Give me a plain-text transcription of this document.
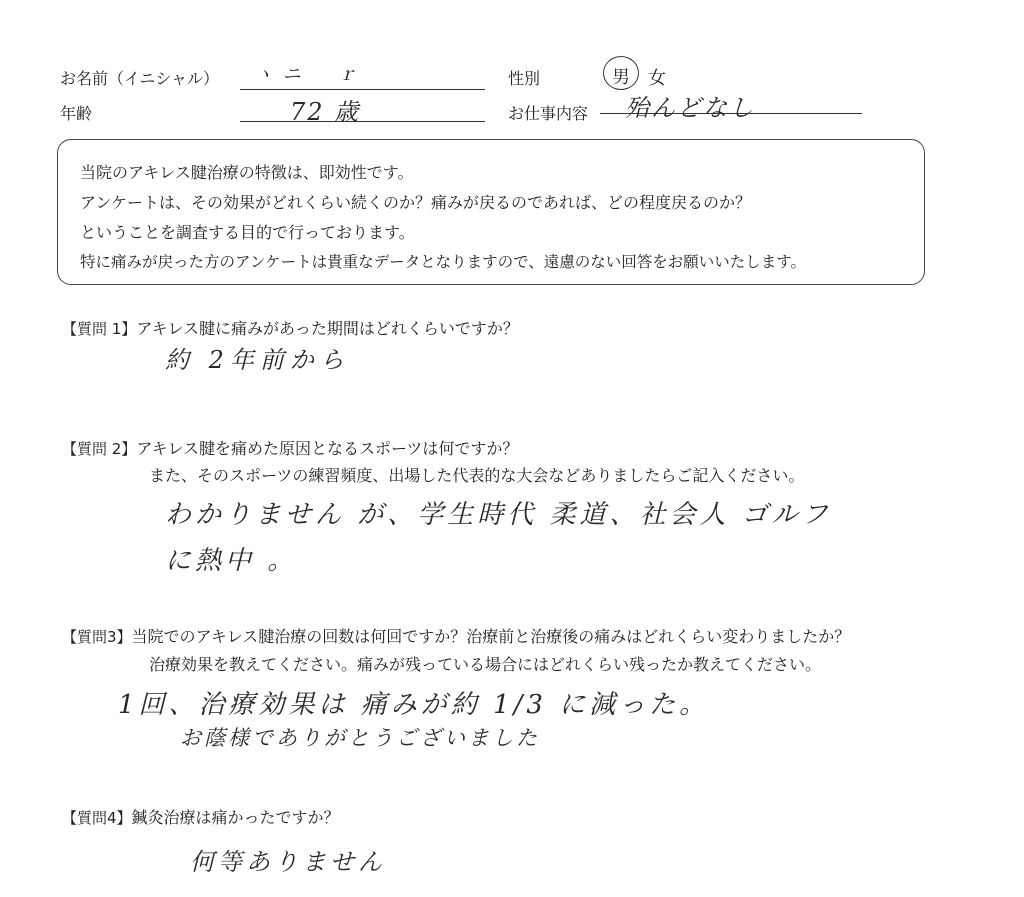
お名前（イニシャル） ヽ ニ 　 ｒ	性別	男 女
年齢	72 歳	お仕事内容 殆んどなし

当院のアキレス腱治療の特徴は、即効性です。

アンケートは、その効果がどれくらい続くのか？痛みが戻るのであれば、どの程度戻るのか？

ということを調査する目的で行っております。

特に痛みが戻った方のアンケートは貴重なデータとなりますので、遠慮のない回答をお願いいたします。

【質問 1】アキレス腱に痛みがあった期間はどれくらいですか？
約 2年前から
【質問 2】アキレス腱を痛めた原因となるスポーツは何ですか？
また、そのスポーツの練習頻度、出場した代表的な大会などありましたらご記入ください。
わかりません が、学生時代 柔道、社会人 ゴルフ
に熱中 。
【質問3】当院でのアキレス腱治療の回数は何回ですか？治療前と治療後の痛みはどれくらい変わりましたか？
治療効果を教えてください。痛みが残っている場合にはどれくらい残ったか教えてください。
1回、治療効果は 痛みが約 1/3 に減った。
お蔭様でありがとうございました
【質問4】鍼灸治療は痛かったですか？
何等ありません
